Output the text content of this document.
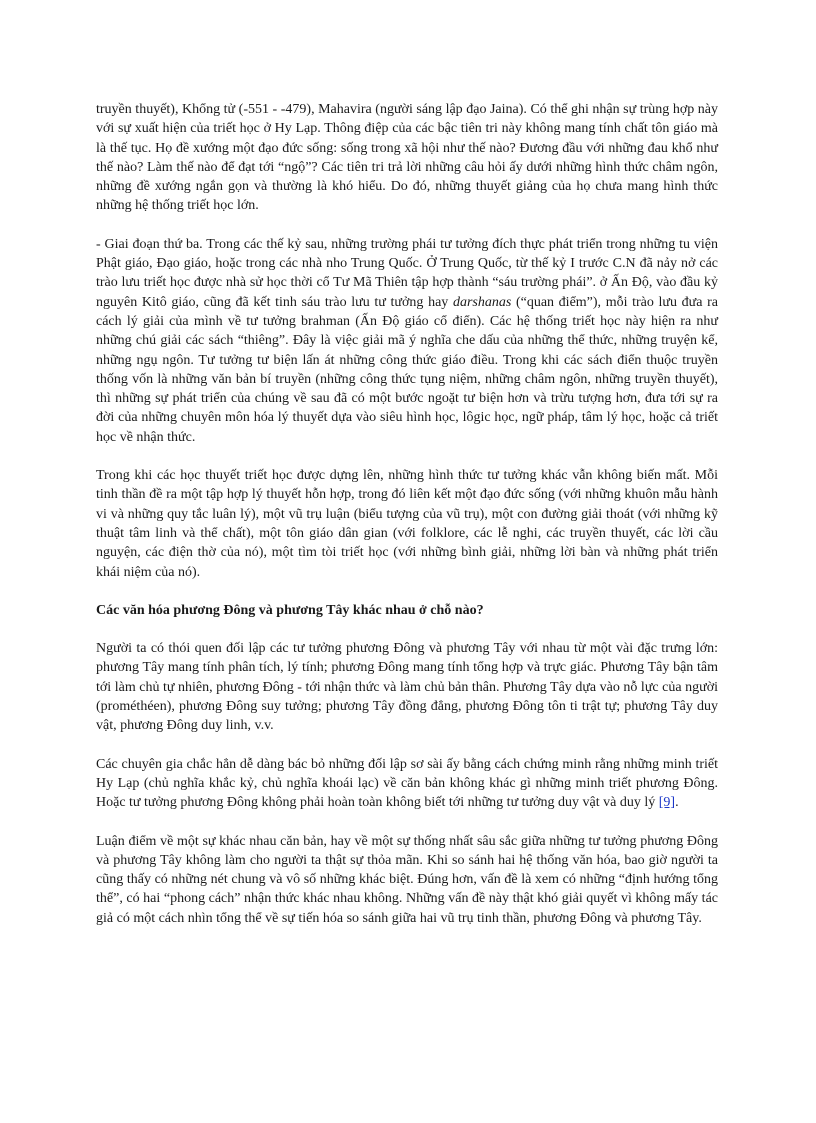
truyền thuyết), Khổng tử (-551 - -479), Mahavira (người sáng lập đạo Jaina). Có thể ghi nhận sự trùng hợp này với sự xuất hiện của triết học ở Hy Lạp. Thông điệp của các bậc tiên tri này không mang tính chất tôn giáo mà là thế tục. Họ đề xướng một đạo đức sống: sống trong xã hội như thế nào? Đương đầu với những đau khổ như thế nào? Làm thế nào để đạt tới “ngộ”? Các tiên tri trả lời những câu hỏi ấy dưới những hình thức châm ngôn, những đề xướng ngắn gọn và thường là khó hiểu. Do đó, những thuyết giảng của họ chưa mang hình thức những hệ thống triết học lớn.

- Giai đoạn thứ ba. Trong các thế kỷ sau, những trường phái tư tưởng đích thực phát triển trong những tu viện Phật giáo, Đạo giáo, hoặc trong các nhà nho Trung Quốc. Ở Trung Quốc, từ thế kỷ I trước C.N đã nảy nở các trào lưu triết học được nhà sử học thời cổ Tư Mã Thiên tập hợp thành “sáu trường phái”. ở Ấn Độ, vào đầu kỷ nguyên Kitô giáo, cũng đã kết tinh sáu trào lưu tư tưởng hay darshanas (“quan điểm”), mỗi trào lưu đưa ra cách lý giải của mình về tư tưởng brahman (Ấn Độ giáo cổ điển). Các hệ thống triết học này hiện ra như những chú giải các sách “thiêng”. Đây là việc giải mã ý nghĩa che dấu của những thể thức, những truyện kể, những ngụ ngôn. Tư tưởng tư biện lấn át những công thức giáo điều. Trong khi các sách điển thuộc truyền thống vốn là những văn bản bí truyền (những công thức tụng niệm, những châm ngôn, những truyền thuyết), thì những sự phát triển của chúng về sau đã có một bước ngoặt tư biện hơn và trừu tượng hơn, đưa tới sự ra đời của những chuyên môn hóa lý thuyết dựa vào siêu hình học, lôgic học, ngữ pháp, tâm lý học, hoặc cả triết học về nhận thức.

Trong khi các học thuyết triết học được dựng lên, những hình thức tư tưởng khác vẫn không biến mất. Mỗi tinh thần đề ra một tập hợp lý thuyết hỗn hợp, trong đó liên kết một đạo đức sống (với những khuôn mẫu hành vi và những quy tắc luân lý), một vũ trụ luận (biểu tượng của vũ trụ), một con đường giải thoát (với những kỹ thuật tâm linh và thể chất), một tôn giáo dân gian (với folklore, các lễ nghi, các truyền thuyết, các lời cầu nguyện, các điện thờ của nó), một tìm tòi triết học (với những bình giải, những lời bàn và những phát triển khái niệm của nó).

Các văn hóa phương Đông và phương Tây khác nhau ở chỗ nào?

Người ta có thói quen đối lập các tư tưởng phương Đông và phương Tây với nhau từ một vài đặc trưng lớn: phương Tây mang tính phân tích, lý tính; phương Đông mang tính tổng hợp và trực giác. Phương Tây bận tâm tới làm chủ tự nhiên, phương Đông - tới nhận thức và làm chủ bản thân. Phương Tây dựa vào nỗ lực của người (prométhéen), phương Đông suy tưởng; phương Tây đồng đẳng, phương Đông tôn ti trật tự; phương Tây duy vật, phương Đông duy linh, v.v.

Các chuyên gia chắc hẳn dễ dàng bác bỏ những đối lập sơ sài ấy bằng cách chứng minh rằng những minh triết Hy Lạp (chủ nghĩa khắc kỷ, chủ nghĩa khoái lạc) về căn bản không khác gì những minh triết phương Đông. Hoặc tư tưởng phương Đông không phải hoàn toàn không biết tới những tư tưởng duy vật và duy lý [9].

Luận điểm về một sự khác nhau căn bản, hay về một sự thống nhất sâu sắc giữa những tư tưởng phương Đông và phương Tây không làm cho người ta thật sự thỏa mãn. Khi so sánh hai hệ thống văn hóa, bao giờ người ta cũng thấy có những nét chung và vô số những khác biệt. Đúng hơn, vấn đề là xem có những “định hướng tổng thể”, có hai “phong cách” nhận thức khác nhau không. Những vấn đề này thật khó giải quyết vì không mấy tác giả có một cách nhìn tổng thể về sự tiến hóa so sánh giữa hai vũ trụ tinh thần, phương Đông và phương Tây.
